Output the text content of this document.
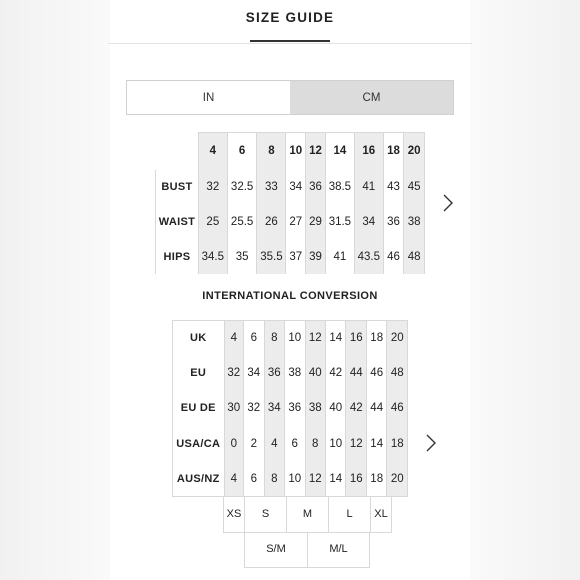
SIZE GUIDE
IN	CM
	4	6	8	10	12	14	16	18	20
BUST	32	32.5	33	34	36	38.5	41	43	45
WAIST	25	25.5	26	27	29	31.5	34	36	38
HIPS	34.5	35	35.5	37	39	41	43.5	46	48
INTERNATIONAL CONVERSION
UK	4	6	8	10	12	14	16	18	20
EU	32	34	36	38	40	42	44	46	48
EU DE	30	32	34	36	38	40	42	44	46
USA/CA	0	2	4	6	8	10	12	14	18
AUS/NZ	4	6	8	10	12	14	16	18	20
XS	S	M	L	XL
S/M	M/L
